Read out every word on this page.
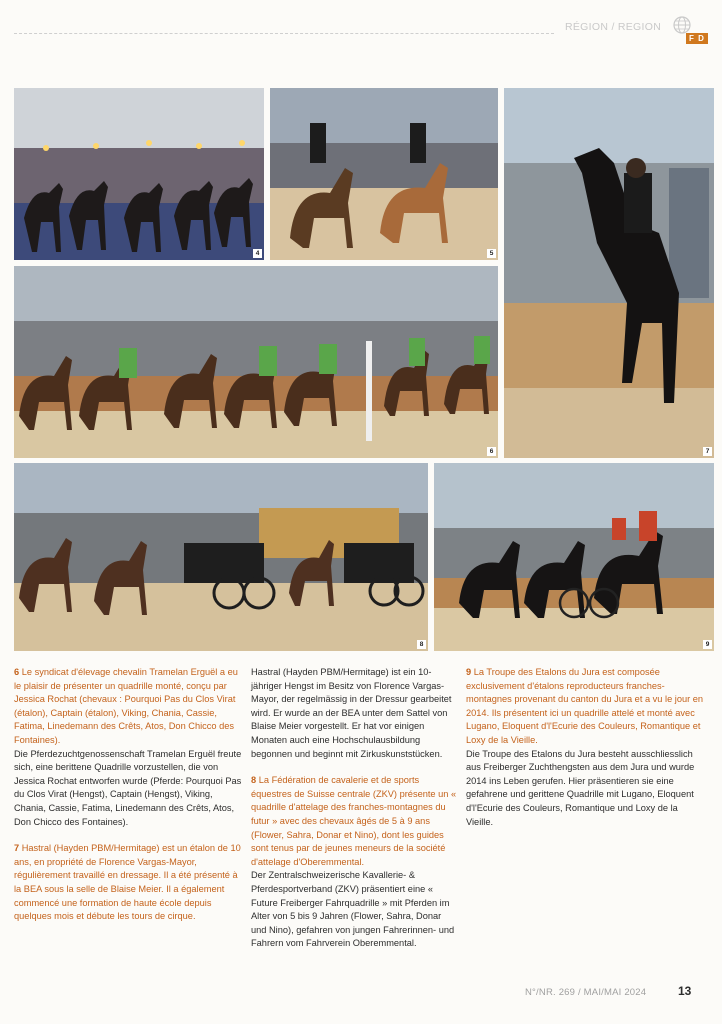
RÉGION / REGION
F D
4	5
7
6
8	9

6 Le syndicat d'élevage chevalin Tramelan Erguël a eu le plaisir de présenter un quadrille monté, conçu par Jessica Rochat (chevaux : Pourquoi Pas du Clos Virat (étalon), Captain (étalon), Viking, Chania, Cassie, Fatima, Linedemann des Crêts, Atos, Don Chicco des Fontaines).

Die Pferdezuchtgenossenschaft Tramelan Erguël freute sich, eine berittene Quadrille vorzustellen, die von Jessica Rochat entworfen wurde (Pferde: Pourquoi Pas du Clos Virat (Hengst), Captain (Hengst), Viking, Chania, Cassie, Fatima, Linedemann des Crêts, Atos, Don Chicco des Fontaines).

7 Hastral (Hayden PBM/Hermitage) est un étalon de 10 ans, en propriété de Florence Vargas-Mayor, régulièrement travaillé en dressage. Il a été présenté à la BEA sous la selle de Blaise Meier. Il a également commencé une formation de haute école depuis quelques mois et débute les tours de cirque.

Hastral (Hayden PBM/Hermitage) ist ein 10-jähriger Hengst im Besitz von Florence Vargas-Mayor, der regelmässig in der Dressur gearbeitet wird. Er wurde an der BEA unter dem Sattel von Blaise Meier vorgestellt. Er hat vor einigen Monaten auch eine Hochschulausbildung begonnen und beginnt mit Zirkuskunststücken.

8 La Fédération de cavalerie et de sports équestres de Suisse centrale (ZKV) présente un « quadrille d'attelage des franches-montagnes du futur » avec des chevaux âgés de 5 à 9 ans (Flower, Sahra, Donar et Nino), dont les guides sont tenus par de jeunes meneurs de la société d'attelage d'Oberemmental.

Der Zentralschweizerische Kavallerie- & Pferdesportverband (ZKV) präsentiert eine « Future Freiberger Fahrquadrille » mit Pferden im Alter von 5 bis 9 Jahren (Flower, Sahra, Donar und Nino), gefahren von jungen Fahrerinnen- und Fahrern vom Fahrverein Oberemmental.

9 La Troupe des Etalons du Jura est composée exclusivement d'étalons reproducteurs franches-montagnes provenant du canton du Jura et a vu le jour en 2014. Ils présentent ici un quadrille attelé et monté avec Lugano, Eloquent d'l'Ecurie des Couleurs, Romantique et Loxy de la Vieille.

Die Troupe des Etalons du Jura besteht ausschliesslich aus Freiberger Zuchthengsten aus dem Jura und wurde 2014 ins Leben gerufen. Hier präsentieren sie eine gefahrene und gerittene Quadrille mit Lugano, Eloquent d'l'Ecurie des Couleurs, Romantique und Loxy de la Vieille.

N°/NR. 269 / MAI/MAI 2024	13
